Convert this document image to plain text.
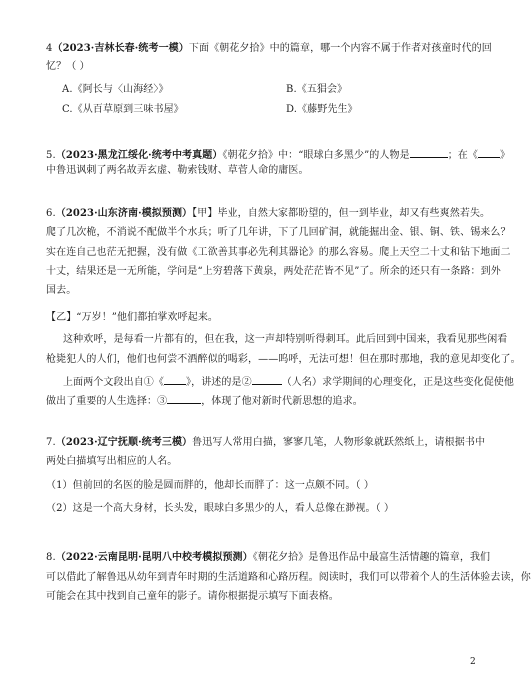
4（2023·吉林长春·统考一模）下面《朝花夕拾》中的篇章，哪一个内容不属于作者对孩童时代的回
忆？（ ）
A.《阿长与〈山海经〉》	B.《五猖会》
C.《从百草原到三味书屋》	D.《藤野先生》
5.（2023·黑龙江绥化·统考中考真题）《朝花夕拾》中：“眼球白多黑少”的人物是	；在《 》
中鲁迅讽刺了两名故弄玄虚、勒索钱财、草菅人命的庸医。
6.（2023·山东济南·模拟预测）【甲】毕业，自然大家都盼望的，但一到毕业，却又有些爽然若失。
爬了几次桅，不消说不配做半个水兵；听了几年讲，下了几回矿洞，就能掘出金、银、铜、铁、锡来么？
实在连自己也茫无把握，没有做《工欲善其事必先利其器论》的那么容易。爬上天空二十丈和钻下地面二
十丈，结果还是一无所能，学问是“上穷碧落下黄泉，两处茫茫皆不见”了。所余的还只有一条路：到外
国去。
【乙】“万岁！”他们都拍掌欢呼起来。
这种欢呼，是每看一片都有的，但在我，这一声却特别听得刺耳。此后回到中国来，我看见那些闲看
枪毙犯人的人们，他们也何尝不酒醉似的喝彩，——呜呼，无法可想！但在那时那地，我的意见却变化了。
上面两个文段出自①《 》，讲述的是②	（人名）求学期间的心理变化，正是这些变化促使他
做出了重要的人生选择：③	，体现了他对新时代新思想的追求。
7.（2023·辽宁抚顺·统考三模）鲁迅写人常用白描，寥寥几笔，人物形象就跃然纸上，请根据书中
两处白描填写出相应的人名。
（1）但前回的名医的脸是圆而胖的，他却长而胖了：这一点颇不同。（ ）
（2）这是一个高大身材，长头发，眼球白多黑少的人，看人总像在渺视。（ ）
8.（2022·云南昆明·昆明八中校考模拟预测）《朝花夕拾》是鲁迅作品中最富生活情趣的篇章，我们
可以借此了解鲁迅从幼年到青年时期的生活道路和心路历程。阅读时，我们可以带着个人的生活体验去读，你
可能会在其中找到自己童年的影子。请你根据提示填写下面表格。
2
